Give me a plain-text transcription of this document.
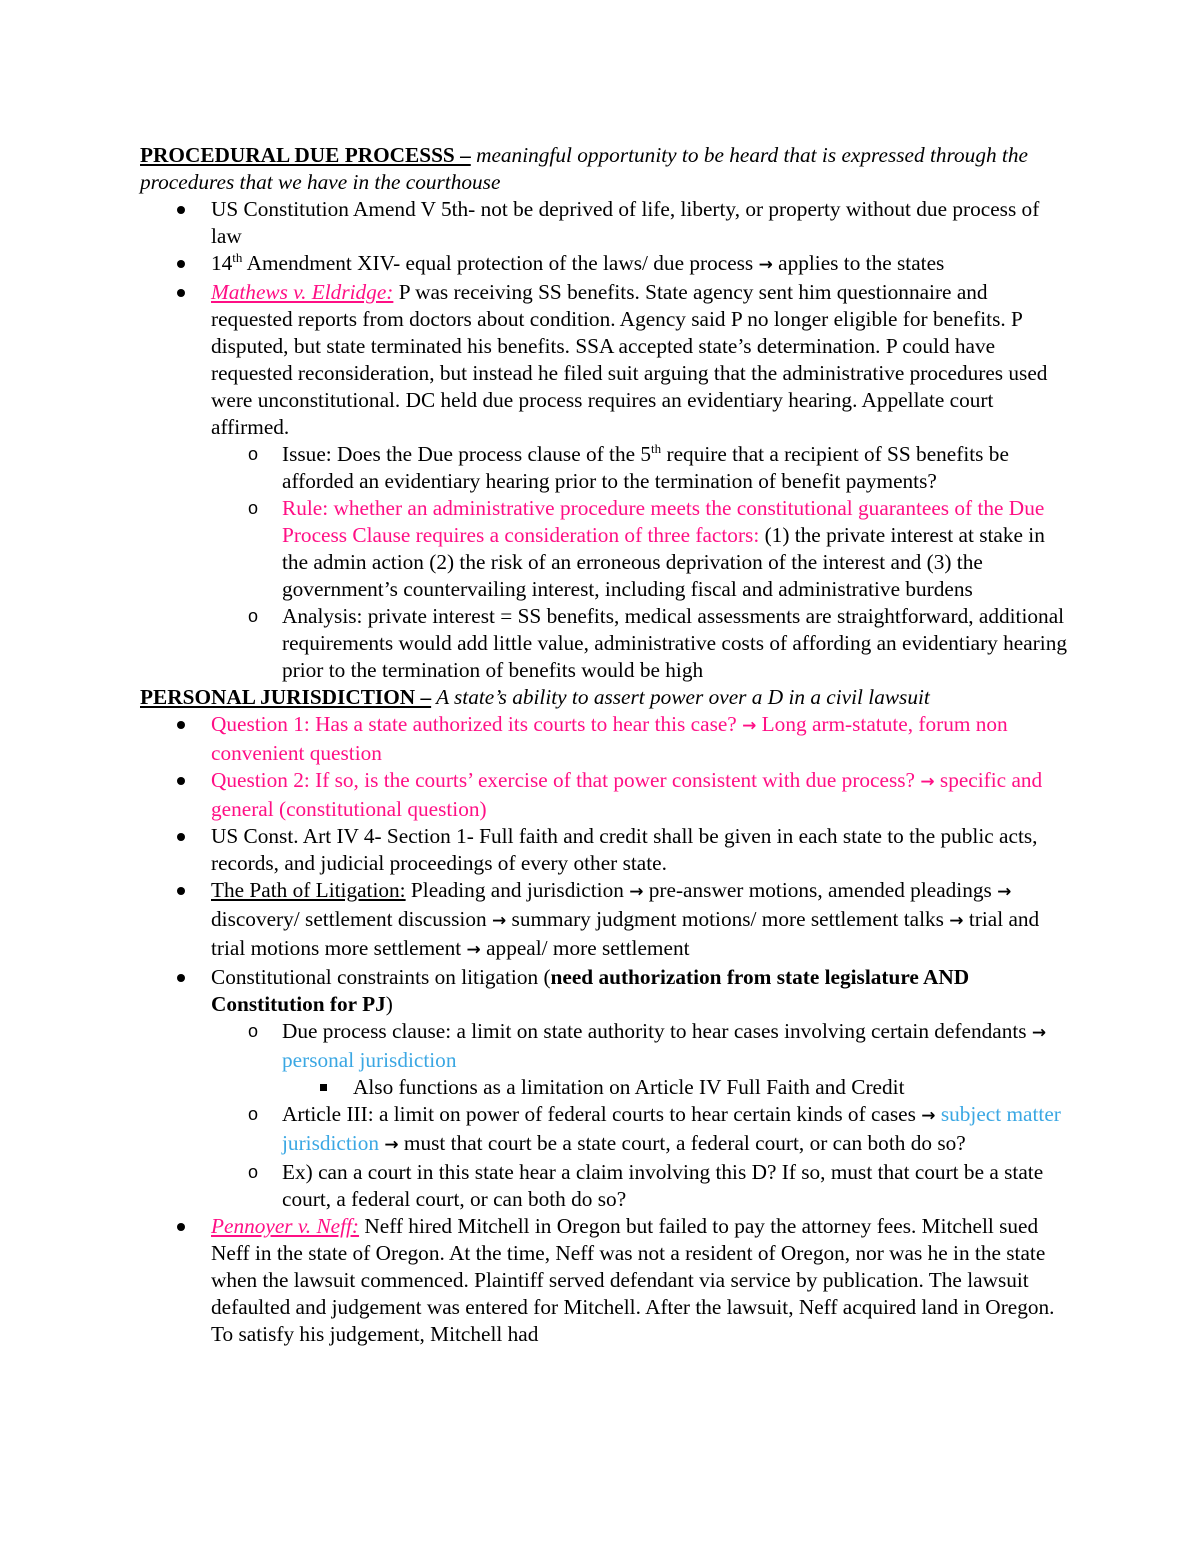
PROCEDURAL DUE PROCESSS – meaningful opportunity to be heard that is expressed through the procedures that we have in the courthouse

US Constitution Amend V 5th- not be deprived of life, liberty, or property without due process of law
14th Amendment XIV- equal protection of the laws/ due process → applies to the states
Mathews v. Eldridge: P was receiving SS benefits. State agency sent him questionnaire and requested reports from doctors about condition. Agency said P no longer eligible for benefits. P disputed, but state terminated his benefits. SSA accepted state’s determination. P could have requested reconsideration, but instead he filed suit arguing that the administrative procedures used were unconstitutional. DC held due process requires an evidentiary hearing. Appellate court affirmed.
o Issue: Does the Due process clause of the 5th require that a recipient of SS benefits be afforded an evidentiary hearing prior to the termination of benefit payments?
o Rule: whether an administrative procedure meets the constitutional guarantees of the Due Process Clause requires a consideration of three factors: (1) the private interest at stake in the admin action (2) the risk of an erroneous deprivation of the interest and (3) the government’s countervailing interest, including fiscal and administrative burdens
o Analysis: private interest = SS benefits, medical assessments are straightforward, additional requirements would add little value, administrative costs of affording an evidentiary hearing prior to the termination of benefits would be high

PERSONAL JURISDICTION – A state’s ability to assert power over a D in a civil lawsuit

Question 1: Has a state authorized its courts to hear this case? → Long arm-statute, forum non convenient question
Question 2: If so, is the courts’ exercise of that power consistent with due process? → specific and general (constitutional question)
US Const. Art IV 4- Section 1- Full faith and credit shall be given in each state to the public acts, records, and judicial proceedings of every other state.
The Path of Litigation: Pleading and jurisdiction → pre-answer motions, amended pleadings → discovery/ settlement discussion → summary judgment motions/ more settlement talks → trial and trial motions more settlement → appeal/ more settlement
Constitutional constraints on litigation (need authorization from state legislature AND Constitution for PJ)
o Due process clause: a limit on state authority to hear cases involving certain defendants → personal jurisdiction
Also functions as a limitation on Article IV Full Faith and Credit
o Article III: a limit on power of federal courts to hear certain kinds of cases → subject matter jurisdiction → must that court be a state court, a federal court, or can both do so?
o Ex) can a court in this state hear a claim involving this D? If so, must that court be a state court, a federal court, or can both do so?
Pennoyer v. Neff: Neff hired Mitchell in Oregon but failed to pay the attorney fees. Mitchell sued Neff in the state of Oregon. At the time, Neff was not a resident of Oregon, nor was he in the state when the lawsuit commenced. Plaintiff served defendant via service by publication. The lawsuit defaulted and judgement was entered for Mitchell. After the lawsuit, Neff acquired land in Oregon. To satisfy his judgement, Mitchell had
